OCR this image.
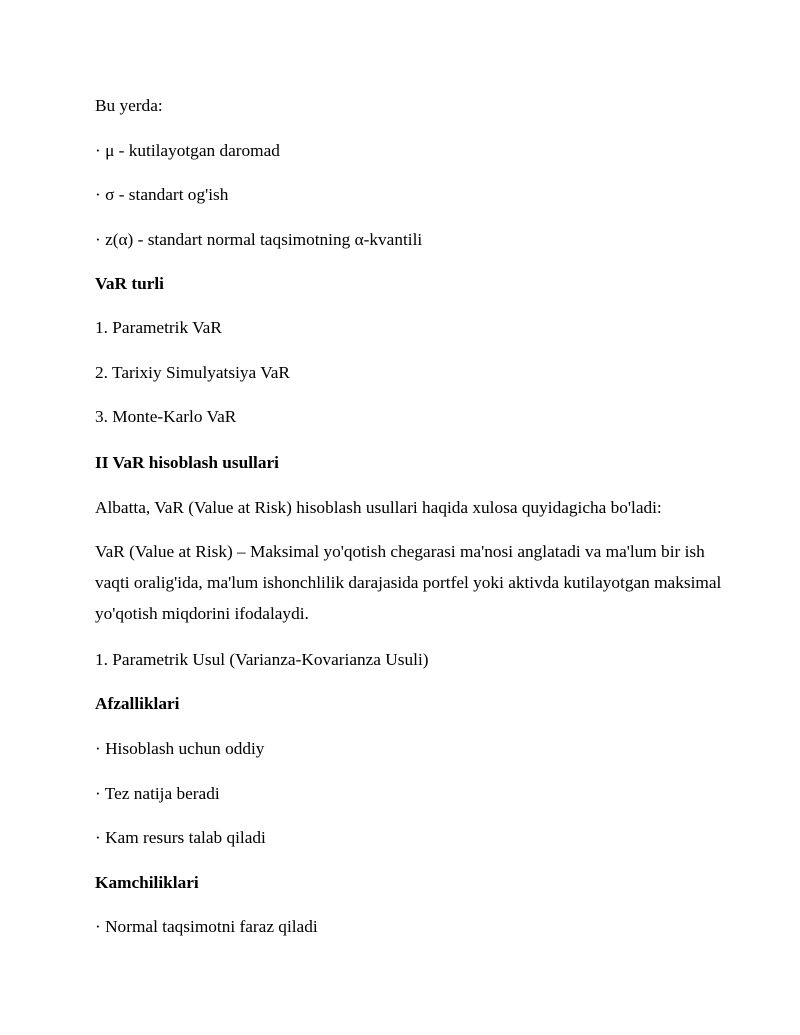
Bu yerda:
· μ - kutilayotgan daromad
· σ - standart og'ish
· z(α) - standart normal taqsimotning α-kvantili
VaR turli
1. Parametrik VaR
2. Tarixiy Simulyatsiya VaR
3. Monte-Karlo VaR
II VaR hisoblash usullari
Albatta, VaR (Value at Risk) hisoblash usullari haqida xulosa quyidagicha bo'ladi:
VaR (Value at Risk) – Maksimal yo'qotish chegarasi ma'nosi anglatadi va ma'lum bir ish vaqti oralig'ida, ma'lum ishonchlilik darajasida portfel yoki aktivda kutilayotgan maksimal yo'qotish miqdorini ifodalaydi.
1. Parametrik Usul (Varianza-Kovarianza Usuli)
Afzalliklari
· Hisoblash uchun oddiy
· Tez natija beradi
· Kam resurs talab qiladi
Kamchiliklari
· Normal taqsimotni faraz qiladi
